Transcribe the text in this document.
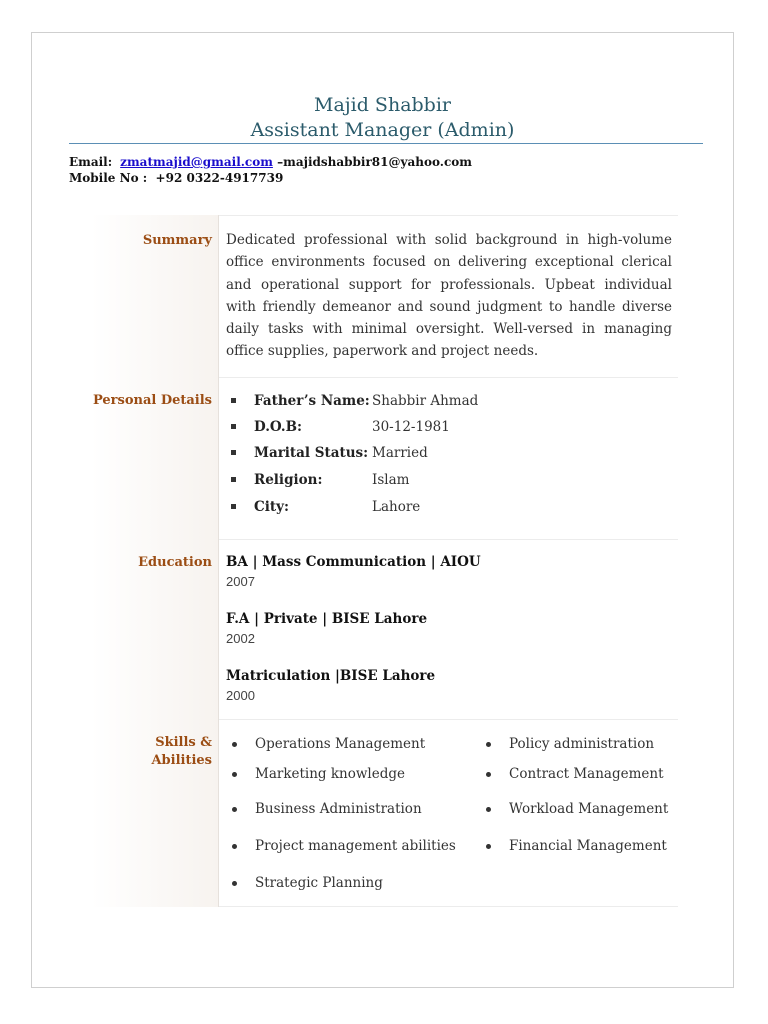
Majid Shabbir
Assistant Manager (Admin)
Email: zmatmajid@gmail.com –majidshabbir81@yahoo.com
Mobile No : +92 0322-4917739
Summary Dedicated professional with solid background in high-volume office environments focused on delivering exceptional clerical and operational support for professionals. Upbeat individual with friendly demeanor and sound judgment to handle diverse daily tasks with minimal oversight. Well-versed in managing office supplies, paperwork and project needs.
Personal Details	Father’s Name: Shabbir Ahmad
D.O.B:	30-12-1981
Marital Status: Married
Religion:	Islam
City:	Lahore
Education BA | Mass Communication | AIOU
2007
F.A | Private | BISE Lahore
2002
Matriculation |BISE Lahore
2000
Skills &
Abilities
Operations Management
Marketing knowledge
Business Administration
Project management abilities
Strategic Planning
Policy administration
Contract Management
Workload Management
Financial Management
